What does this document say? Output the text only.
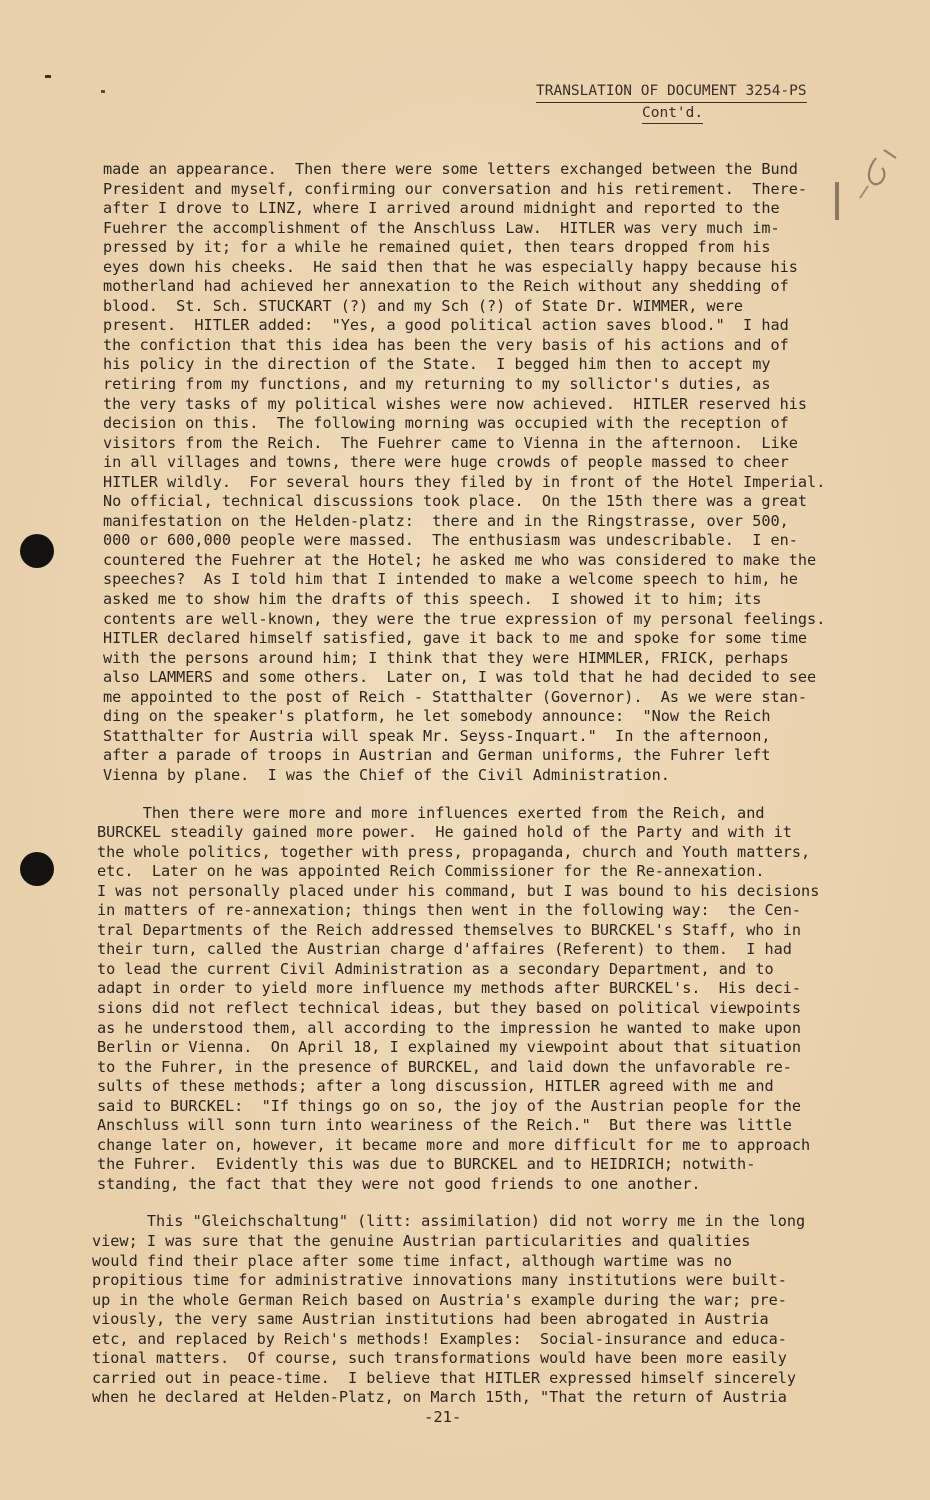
TRANSLATION OF DOCUMENT 3254-PS
Cont'd.

made an appearance.  Then there were some letters exchanged between the Bund
President and myself, confirming our conversation and his retirement.  There-
after I drove to LINZ, where I arrived around midnight and reported to the
Fuehrer the accomplishment of the Anschluss Law.  HITLER was very much im-
pressed by it; for a while he remained quiet, then tears dropped from his
eyes down his cheeks.  He said then that he was especially happy because his
motherland had achieved her annexation to the Reich without any shedding of
blood.  St. Sch. STUCKART (?) and my Sch (?) of State Dr. WIMMER, were
present.  HITLER added:  "Yes, a good political action saves blood."  I had
the confiction that this idea has been the very basis of his actions and of
his policy in the direction of the State.  I begged him then to accept my
retiring from my functions, and my returning to my sollictor's duties, as
the very tasks of my political wishes were now achieved.  HITLER reserved his
decision on this.  The following morning was occupied with the reception of
visitors from the Reich.  The Fuehrer came to Vienna in the afternoon.  Like
in all villages and towns, there were huge crowds of people massed to cheer
HITLER wildly.  For several hours they filed by in front of the Hotel Imperial.
No official, technical discussions took place.  On the 15th there was a great
manifestation on the Helden-platz:  there and in the Ringstrasse, over 500,
000 or 600,000 people were massed.  The enthusiasm was undescribable.  I en-
countered the Fuehrer at the Hotel; he asked me who was considered to make the
speeches?  As I told him that I intended to make a welcome speech to him, he
asked me to show him the drafts of this speech.  I showed it to him; its
contents are well-known, they were the true expression of my personal feelings.
HITLER declared himself satisfied, gave it back to me and spoke for some time
with the persons around him; I think that they were HIMMLER, FRICK, perhaps
also LAMMERS and some others.  Later on, I was told that he had decided to see
me appointed to the post of Reich - Statthalter (Governor).  As we were stan-
ding on the speaker's platform, he let somebody announce:  "Now the Reich
Statthalter for Austria will speak Mr. Seyss-Inquart."  In the afternoon,
after a parade of troops in Austrian and German uniforms, the Fuhrer left
Vienna by plane.  I was the Chief of the Civil Administration.

Then there were more and more influences exerted from the Reich, and
BURCKEL steadily gained more power.  He gained hold of the Party and with it
the whole politics, together with press, propaganda, church and Youth matters,
etc.  Later on he was appointed Reich Commissioner for the Re-annexation.
I was not personally placed under his command, but I was bound to his decisions
in matters of re-annexation; things then went in the following way:  the Cen-
tral Departments of the Reich addressed themselves to BURCKEL's Staff, who in
their turn, called the Austrian charge d'affaires (Referent) to them.  I had
to lead the current Civil Administration as a secondary Department, and to
adapt in order to yield more influence my methods after BURCKEL's.  His deci-
sions did not reflect technical ideas, but they based on political viewpoints
as he understood them, all according to the impression he wanted to make upon
Berlin or Vienna.  On April 18, I explained my viewpoint about that situation
to the Fuhrer, in the presence of BURCKEL, and laid down the unfavorable re-
sults of these methods; after a long discussion, HITLER agreed with me and
said to BURCKEL:  "If things go on so, the joy of the Austrian people for the
Anschluss will sonn turn into weariness of the Reich."  But there was little
change later on, however, it became more and more difficult for me to approach
the Fuhrer.  Evidently this was due to BURCKEL and to HEIDRICH; notwith-
standing, the fact that they were not good friends to one another.

This "Gleichschaltung" (litt: assimilation) did not worry me in the long
view; I was sure that the genuine Austrian particularities and qualities
would find their place after some time infact, although wartime was no
propitious time for administrative innovations many institutions were built-
up in the whole German Reich based on Austria's example during the war; pre-
viously, the very same Austrian institutions had been abrogated in Austria
etc, and replaced by Reich's methods! Examples:  Social-insurance and educa-
tional matters.  Of course, such transformations would have been more easily
carried out in peace-time.  I believe that HITLER expressed himself sincerely
when he declared at Helden-Platz, on March 15th, "That the return of Austria

-21-
